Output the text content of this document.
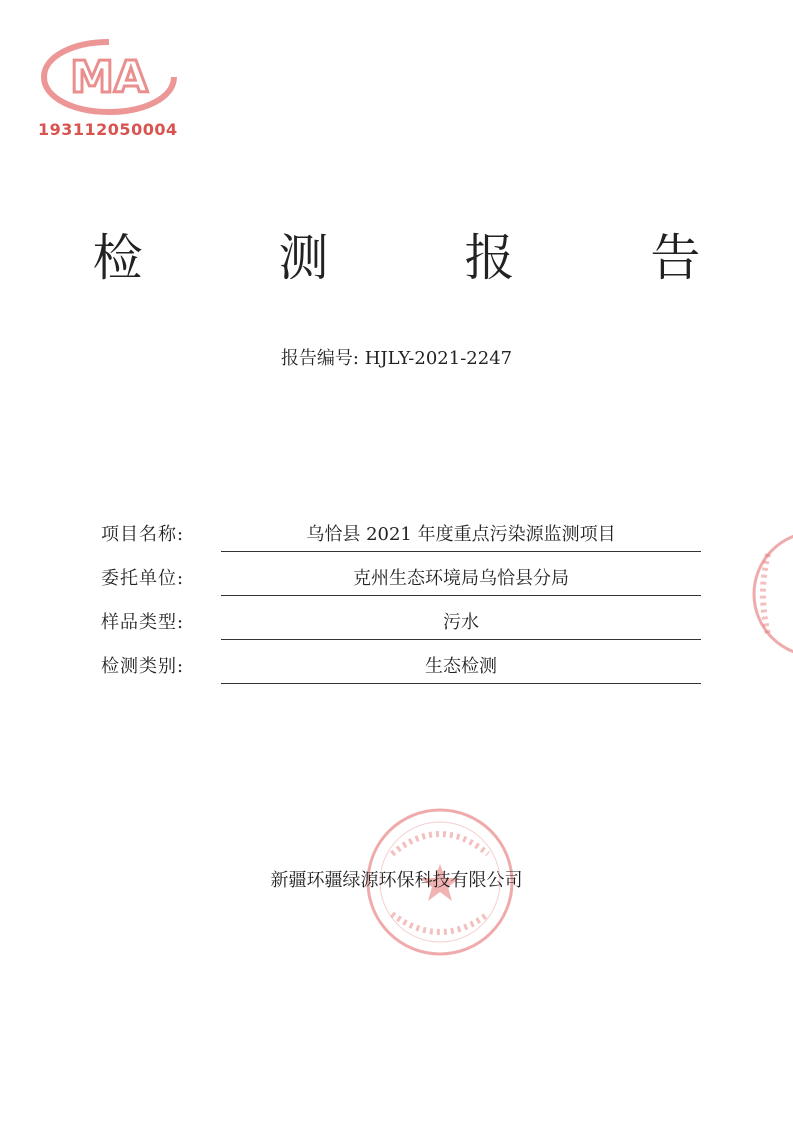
MA
193112050004
检 测 报 告
报告编号: HJLY-2021-2247
项目名称:	乌恰县 2021 年度重点污染源监测项目
委托单位:	克州生态环境局乌恰县分局
样品类型:	污水
检测类别:	生态检测
新疆环疆绿源环保科技有限公司
